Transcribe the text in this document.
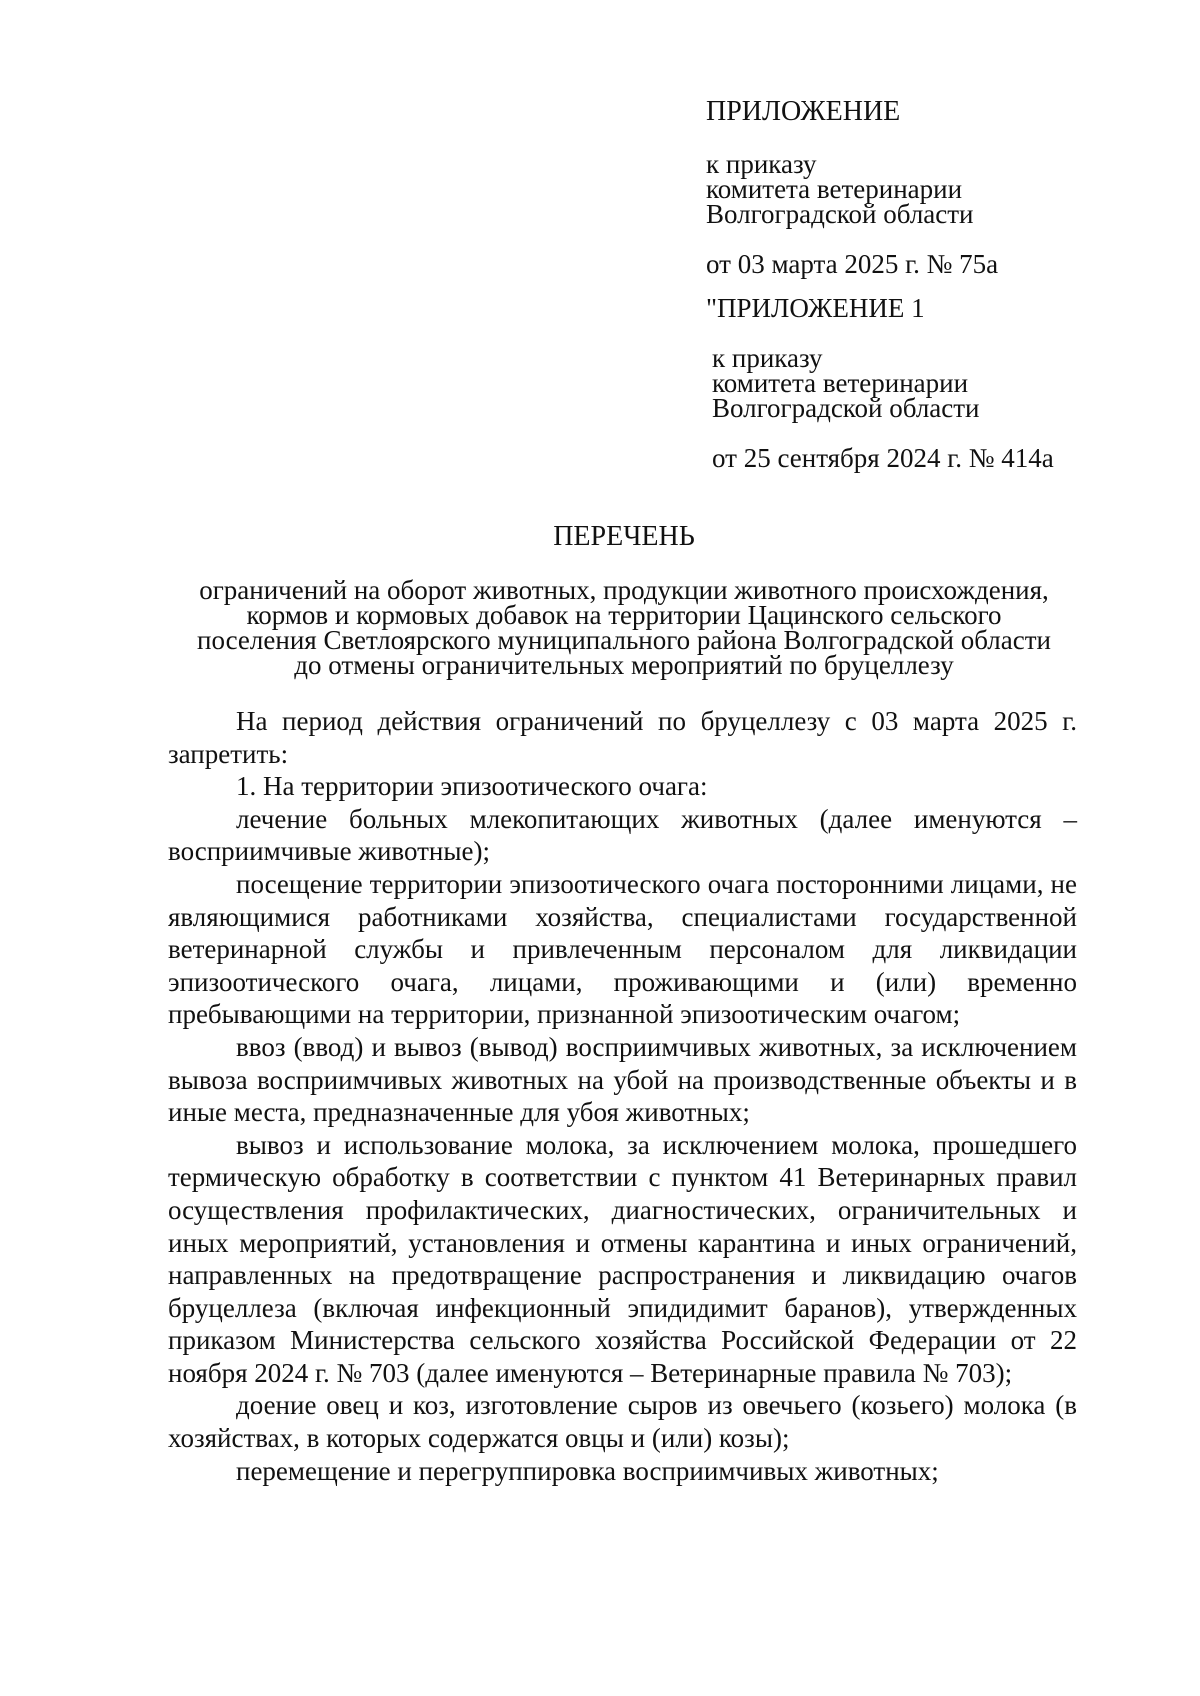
ПРИЛОЖЕНИЕ
к приказу
комитета ветеринарии
Волгоградской области
от 03 марта 2025 г. № 75а
"ПРИЛОЖЕНИЕ 1
к приказу
комитета ветеринарии
Волгоградской области
от 25 сентября 2024 г. № 414а
ПЕРЕЧЕНЬ
ограничений на оборот животных, продукции животного происхождения,
кормов и кормовых добавок на территории Цацинского сельского
поселения Светлоярского муниципального района Волгоградской области
до отмены ограничительных мероприятий по бруцеллезу

На период действия ограничений по бруцеллезу с 03 марта 2025 г. запретить:

1. На территории эпизоотического очага:

лечение больных млекопитающих животных (далее именуются – восприимчивые животные);

посещение территории эпизоотического очага посторонними лицами, не являющимися работниками хозяйства, специалистами государственной ветеринарной службы и привлеченным персоналом для ликвидации эпизоотического очага, лицами, проживающими и (или) временно пребывающими на территории, признанной эпизоотическим очагом;

ввоз (ввод) и вывоз (вывод) восприимчивых животных, за исключением вывоза восприимчивых животных на убой на производственные объекты и в иные места, предназначенные для убоя животных;

вывоз и использование молока, за исключением молока, прошедшего термическую обработку в соответствии с пунктом 41 Ветеринарных правил осуществления профилактических, диагностических, ограничительных и иных мероприятий, установления и отмены карантина и иных ограничений, направленных на предотвращение распространения и ликвидацию очагов бруцеллеза (включая инфекционный эпидидимит баранов), утвержденных приказом Министерства сельского хозяйства Российской Федерации от 22 ноября 2024 г. № 703 (далее именуются – Ветеринарные правила № 703);

доение овец и коз, изготовление сыров из овечьего (козьего) молока (в хозяйствах, в которых содержатся овцы и (или) козы);

перемещение и перегруппировка восприимчивых животных;
